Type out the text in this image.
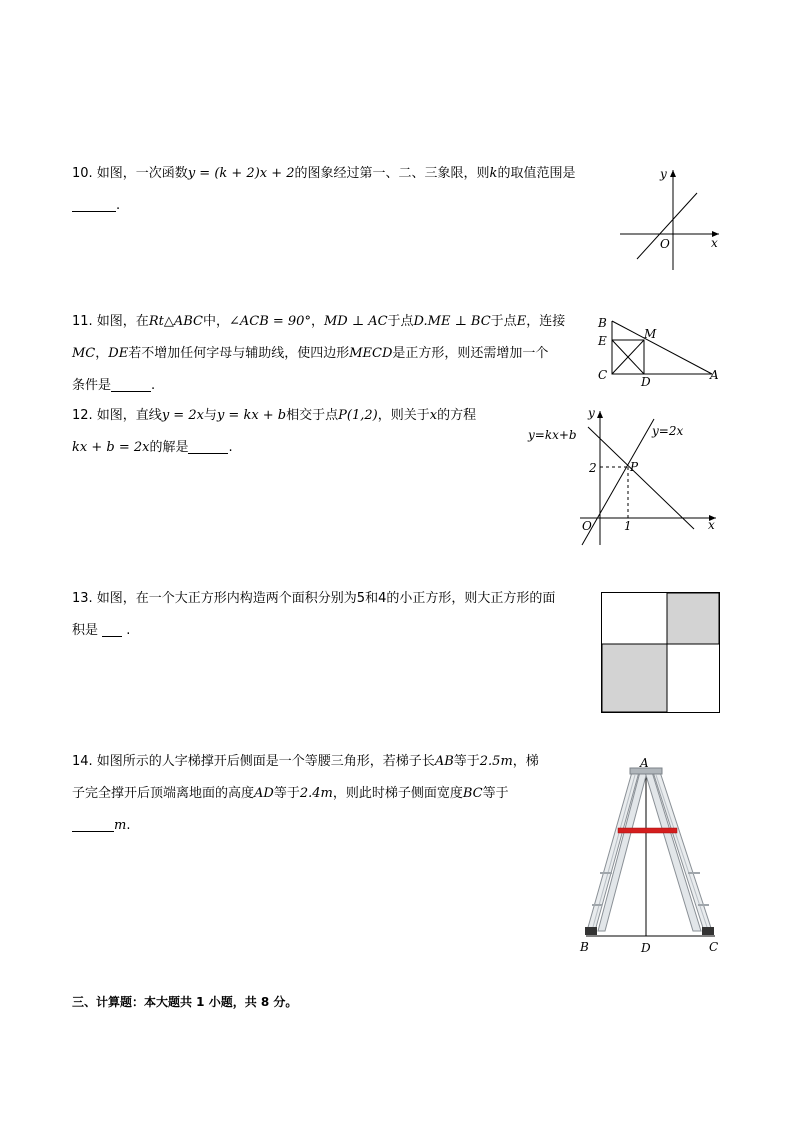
10. 如图，一次函数y = (k + 2)x + 2的图象经过第一、二、三象限，则k的取值范围是

.

y
x
O

11. 如图，在Rt△ABC中，∠ACB = 90°，MD ⊥ AC于点D.ME ⊥ BC于点E，连接

MC，DE若不增加任何字母与辅助线，使四边形MECD是正方形，则还需增加一个

条件是	.

B
M
E
C	D	A

12. 如图，直线y = 2x与y = kx + b相交于点P(1,2)，则关于x的方程

kx + b = 2x的解是	.

y=kx+b	y=2x
y
x
O
2
1
P

13. 如图，在一个大正方形内构造两个面积分别为5和4的小正方形，则大正方形的面

积是 .

14. 如图所示的人字梯撑开后侧面是一个等腰三角形，若梯子长AB等于2.5m，梯

子完全撑开后顶端离地面的高度AD等于2.4m，则此时梯子侧面宽度BC等于

m.

A
B	D	C
三、计算题：本大题共 1 小题，共 8 分。
